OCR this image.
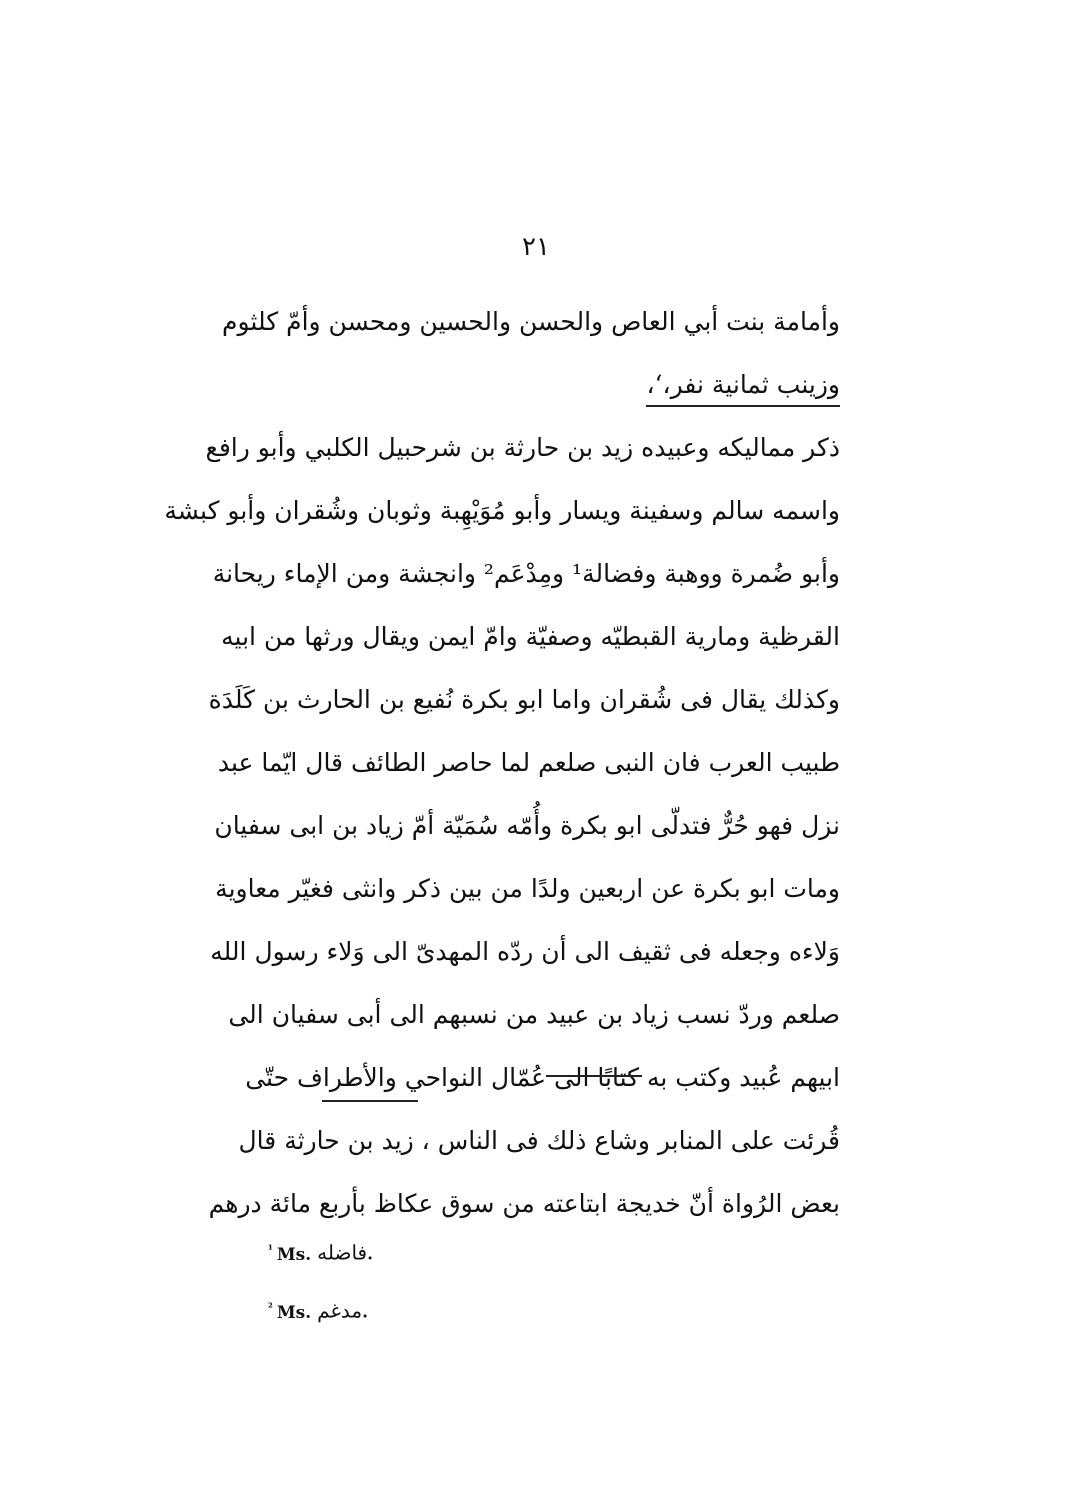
٢١
وأمامة بنت أبي العاص والحسن والحسين ومحسن وأمّ كلثوم
وزينب ثمانية نفر،‘،
ذكر مماليكه وعبيده زيد بن حارثة بن شرحبيل الكلبي وأبو رافع
واسمه سالم وسفينة ويسار وأبو مُوَيْهِبة وثوبان وشُقران وأبو كبشة
وأبو ضُمرة ووهبة وفضالة¹ ومِدْعَم² وانجشة ومن الإماء ريحانة
القرظية ومارية القبطيّه وصفيّة وامّ ايمن ويقال ورثها من ابيه
وكذلك يقال فى شُقران واما ابو بكرة نُفيع بن الحارث بن كَلَدَة
طبيب العرب فان النبى صلعم لما حاصر الطائف قال ايّما عبد
نزل فهو حُرٌّ فتدلّى ابو بكرة وأُمّه سُمَيّة أمّ زياد بن ابى سفيان
ومات ابو بكرة عن اربعين ولدًا من بين ذكر وانثى فغيّر معاوية
وَلاءه وجعله فى ثقيف الى أن ردّه المهدىّ الى وَلاء رسول الله
صلعم وردّ نسب زياد بن عبيد من نسبهم الى أبى سفيان الى
ابيهم عُبيد وكتب به كتابًا الى عُمّال النواحي والأطراف حتّى
قُرئت على المنابر وشاع ذلك فى الناس ، زيد بن حارثة قال
بعض الرُواة أنّ خديجة ابتاعته من سوق عكاظ بأربع مائة درهم
$^{^1}$ Ms. فاضله.
$^{^2}$ Ms. مدغم.
